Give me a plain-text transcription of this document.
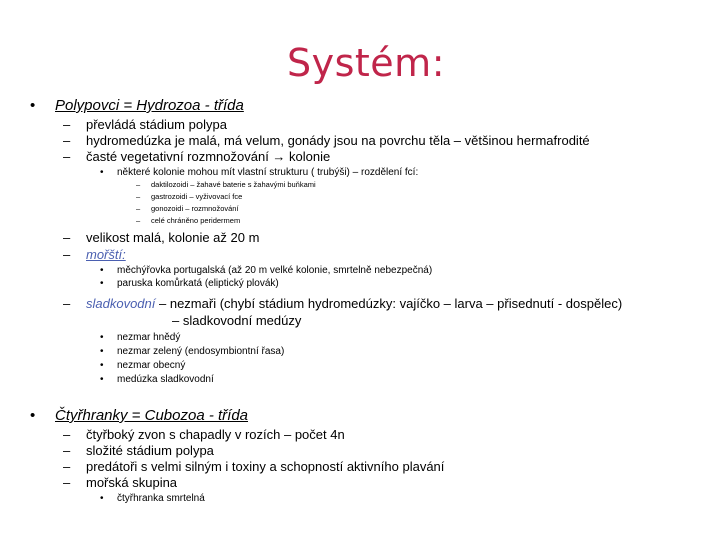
Systém:
• Polypovci = Hydrozoa - třída
– převládá stádium polypa
– hydromedúzka je malá, má velum, gonády jsou na povrchu těla – většinou hermafrodité
– časté vegetativní rozmnožování → kolonie
• některé kolonie mohou mít vlastní strukturu ( trubýši) – rozdělení fcí:
– daktilozoidi – žahavé baterie s žahavými buňkami
– gastrozoidi – vyživovací fce
– gonozoidi – rozmnožování
– celé chráněno peridermem
– velikost malá, kolonie až 20 m
– mořští:
• měchýřovka portugalská (až 20 m velké kolonie, smrtelně nebezpečná)
• paruska komůrkatá (eliptický plovák)
– sladkovodní – nezmaři (chybí stádium hydromedúzky: vajíčko – larva – přisednutí - dospělec)
– sladkovodní medúzy
• nezmar hnědý
• nezmar zelený (endosymbiontní řasa)
• nezmar obecný
• medúzka sladkovodní
• Čtyřhranky = Cubozoa - třída
– čtyřboký zvon s chapadly v rozích – počet 4n
– složité stádium polypa
– predátoři s velmi silným i toxiny a schopností aktivního plavání
– mořská skupina
• čtyřhranka smrtelná
